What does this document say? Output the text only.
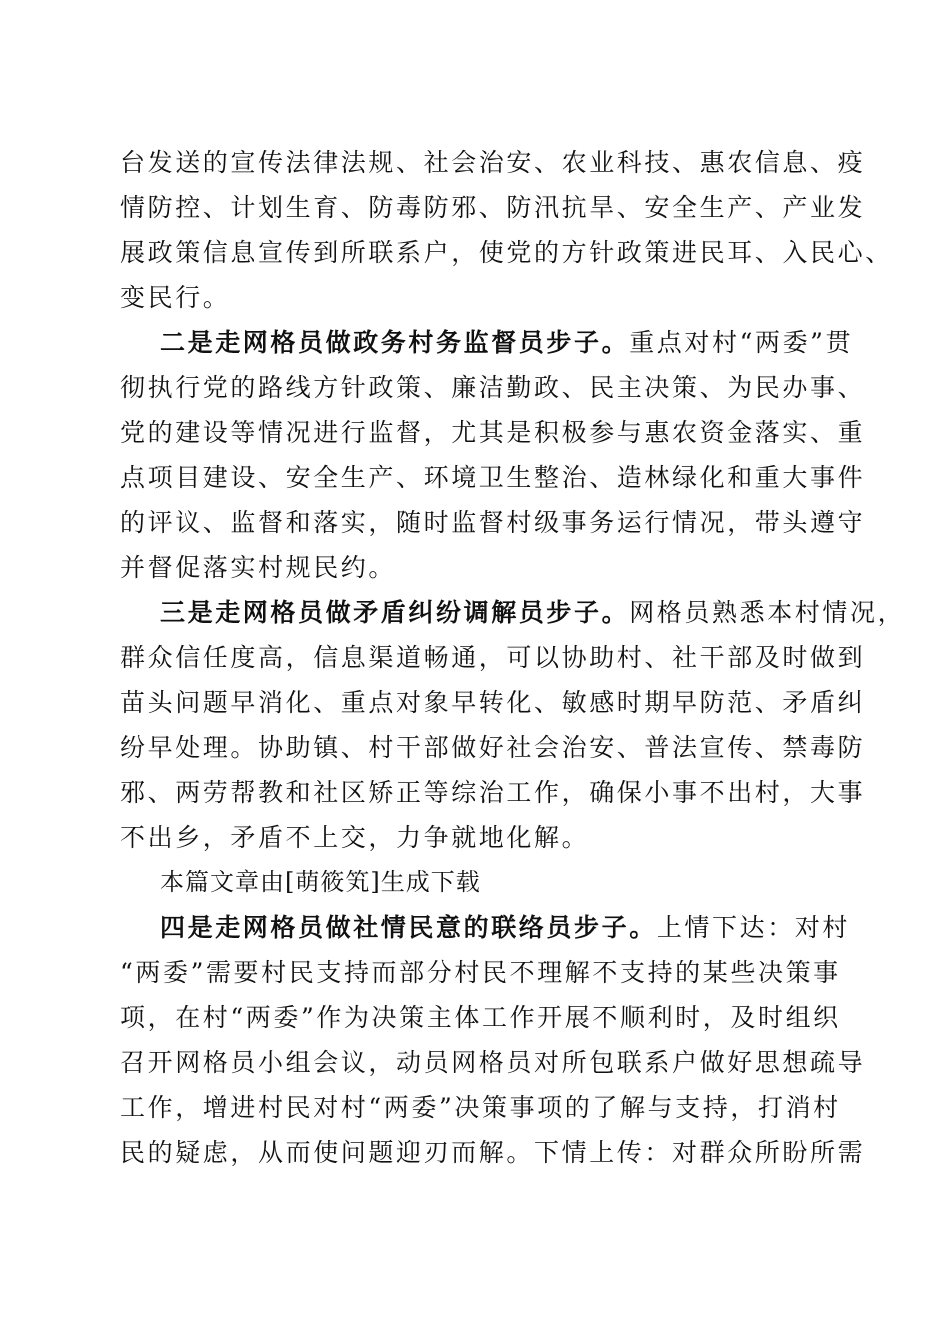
台发送的宣传法律法规、社会治安、农业科技、惠农信息、疫
情防控、计划生育、防毒防邪、防汛抗旱、安全生产、产业发
展政策信息宣传到所联系户，使党的方针政策进民耳、入民心、
变民行。
二是走网格员做政务村务监督员步子。重点对村“两委”贯
彻执行党的路线方针政策、廉洁勤政、民主决策、为民办事、
党的建设等情况进行监督，尤其是积极参与惠农资金落实、重
点项目建设、安全生产、环境卫生整治、造林绿化和重大事件
的评议、监督和落实，随时监督村级事务运行情况，带头遵守
并督促落实村规民约。
三是走网格员做矛盾纠纷调解员步子。网格员熟悉本村情况，
群众信任度高，信息渠道畅通，可以协助村、社干部及时做到
苗头问题早消化、重点对象早转化、敏感时期早防范、矛盾纠
纷早处理。协助镇、村干部做好社会治安、普法宣传、禁毒防
邪、两劳帮教和社区矫正等综治工作，确保小事不出村，大事
不出乡，矛盾不上交，力争就地化解。
本篇文章由[萌筱笂]生成下载
四是走网格员做社情民意的联络员步子。上情下达：对村
“两委”需要村民支持而部分村民不理解不支持的某些决策事
项，在村“两委”作为决策主体工作开展不顺利时，及时组织
召开网格员小组会议，动员网格员对所包联系户做好思想疏导
工作，增进村民对村“两委”决策事项的了解与支持，打消村
民的疑虑，从而使问题迎刃而解。下情上传：对群众所盼所需
